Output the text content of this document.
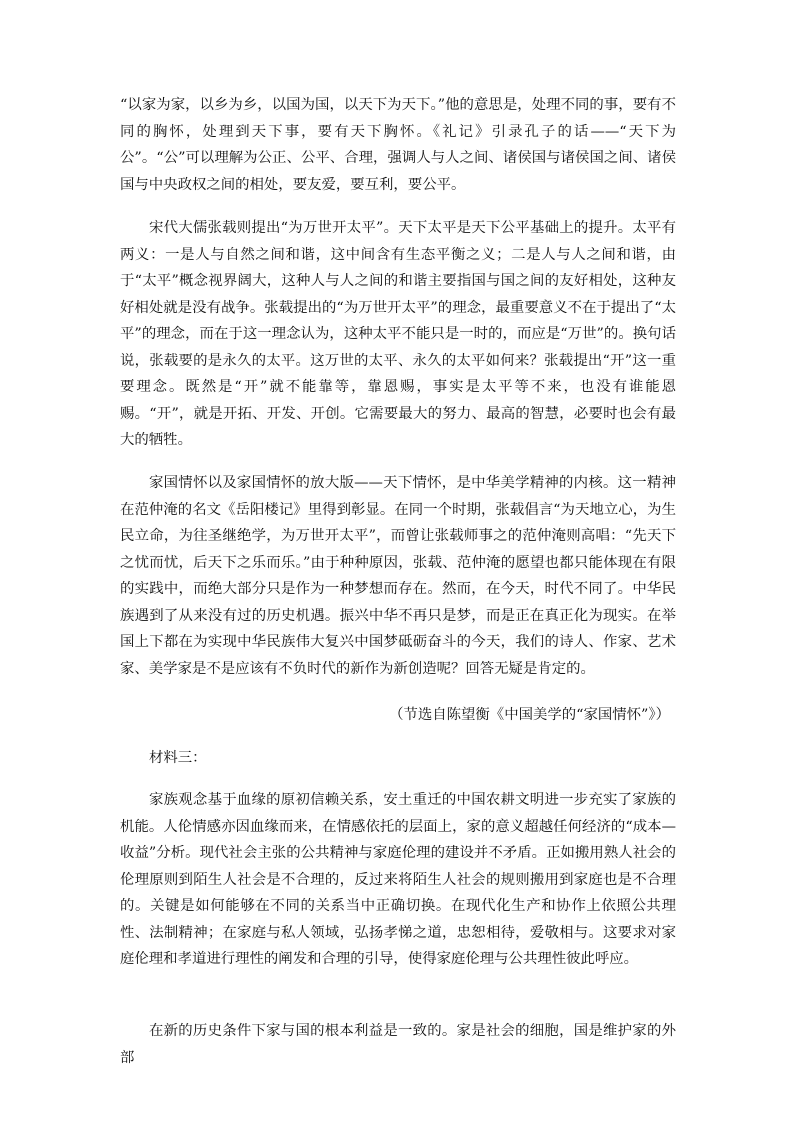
“以家为家，以乡为乡，以国为国，以天下为天下。”他的意思是，处理不同的事，要有不同的胸怀，处理到天下事，要有天下胸怀。《礼记》引录孔子的话——“天下为公”。“公”可以理解为公正、公平、合理，强调人与人之间、诸侯国与诸侯国之间、诸侯国与中央政权之间的相处，要友爱，要互利，要公平。

宋代大儒张载则提出“为万世开太平”。天下太平是天下公平基础上的提升。太平有两义：一是人与自然之间和谐，这中间含有生态平衡之义；二是人与人之间和谐，由于“太平”概念视界阔大，这种人与人之间的和谐主要指国与国之间的友好相处，这种友好相处就是没有战争。张载提出的“为万世开太平”的理念，最重要意义不在于提出了“太平”的理念，而在于这一理念认为，这种太平不能只是一时的，而应是“万世”的。换句话说，张载要的是永久的太平。这万世的太平、永久的太平如何来？张载提出“开”这一重要理念。既然是“开”就不能靠等，靠恩赐，事实是太平等不来，也没有谁能恩赐。“开”，就是开拓、开发、开创。它需要最大的努力、最高的智慧，必要时也会有最大的牺牲。

家国情怀以及家国情怀的放大版——天下情怀，是中华美学精神的内核。这一精神在范仲淹的名文《岳阳楼记》里得到彰显。在同一个时期，张载倡言“为天地立心，为生民立命，为往圣继绝学，为万世开太平”，而曾让张载师事之的范仲淹则高唱：“先天下之忧而忧，后天下之乐而乐。”由于种种原因，张载、范仲淹的愿望也都只能体现在有限的实践中，而绝大部分只是作为一种梦想而存在。然而，在今天，时代不同了。中华民族遇到了从来没有过的历史机遇。振兴中华不再只是梦，而是正在真正化为现实。在举国上下都在为实现中华民族伟大复兴中国梦砥砺奋斗的今天，我们的诗人、作家、艺术家、美学家是不是应该有不负时代的新作为新创造呢？回答无疑是肯定的。

（节选自陈望衡《中国美学的“家国情怀”》）
材料三：

家族观念基于血缘的原初信赖关系，安土重迁的中国农耕文明进一步充实了家族的机能。人伦情感亦因血缘而来，在情感依托的层面上，家的意义超越任何经济的“成本—收益”分析。现代社会主张的公共精神与家庭伦理的建设并不矛盾。正如搬用熟人社会的伦理原则到陌生人社会是不合理的，反过来将陌生人社会的规则搬用到家庭也是不合理的。关键是如何能够在不同的关系当中正确切换。在现代化生产和协作上依照公共理性、法制精神；在家庭与私人领域，弘扬孝悌之道，忠恕相待，爱敬相与。这要求对家庭伦理和孝道进行理性的阐发和合理的引导，使得家庭伦理与公共理性彼此呼应。

在新的历史条件下家与国的根本利益是一致的。家是社会的细胞，国是维护家的外部
